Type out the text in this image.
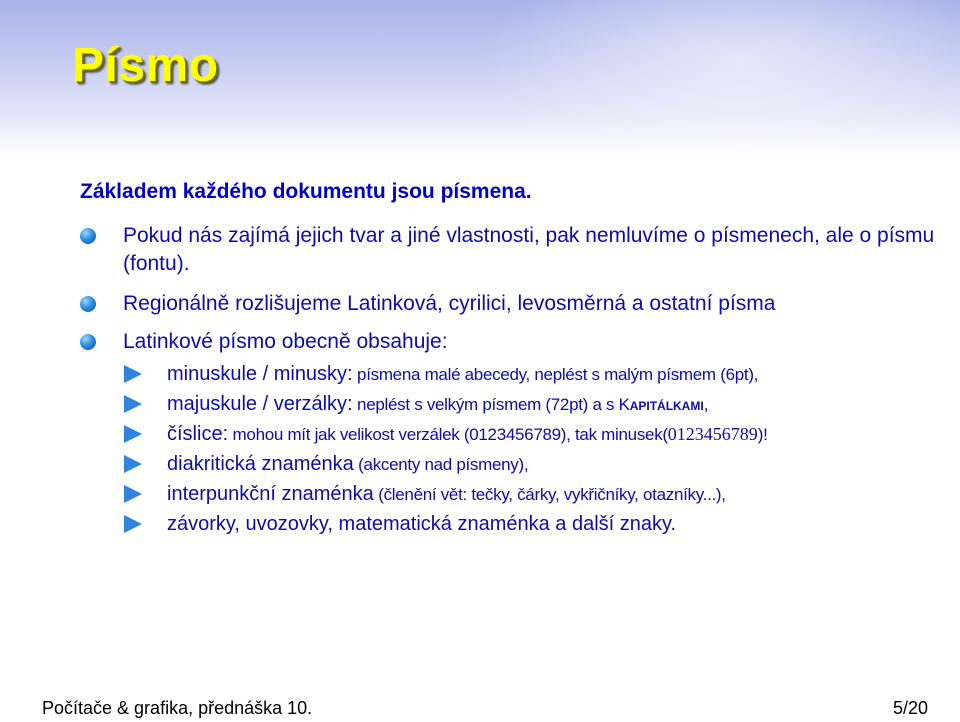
Písmo

Základem každého dokumentu jsou písmena.

Pokud nás zajímá jejich tvar a jiné vlastnosti, pak nemluvíme o písmenech, ale o písmu (fontu).
Regionálně rozlišujeme Latinková, cyrilici, levosměrná a ostatní písma
Latinkové písmo obecně obsahuje:
minuskule / minusky: písmena malé abecedy, neplést s malým písmem (6pt),
majuskule / verzálky: neplést s velkým písmem (72pt) a s Kapitálkami,
číslice: mohou mít jak velikost verzálek (0123456789), tak minusek(0123456789)!
diakritická znaménka (akcenty nad písmeny),
interpunkční znaménka (členění vět: tečky, čárky, vykřičníky, otazníky...),
závorky, uvozovky, matematická znaménka a další znaky.
Počítače & grafika, přednáška 10.	5/20
